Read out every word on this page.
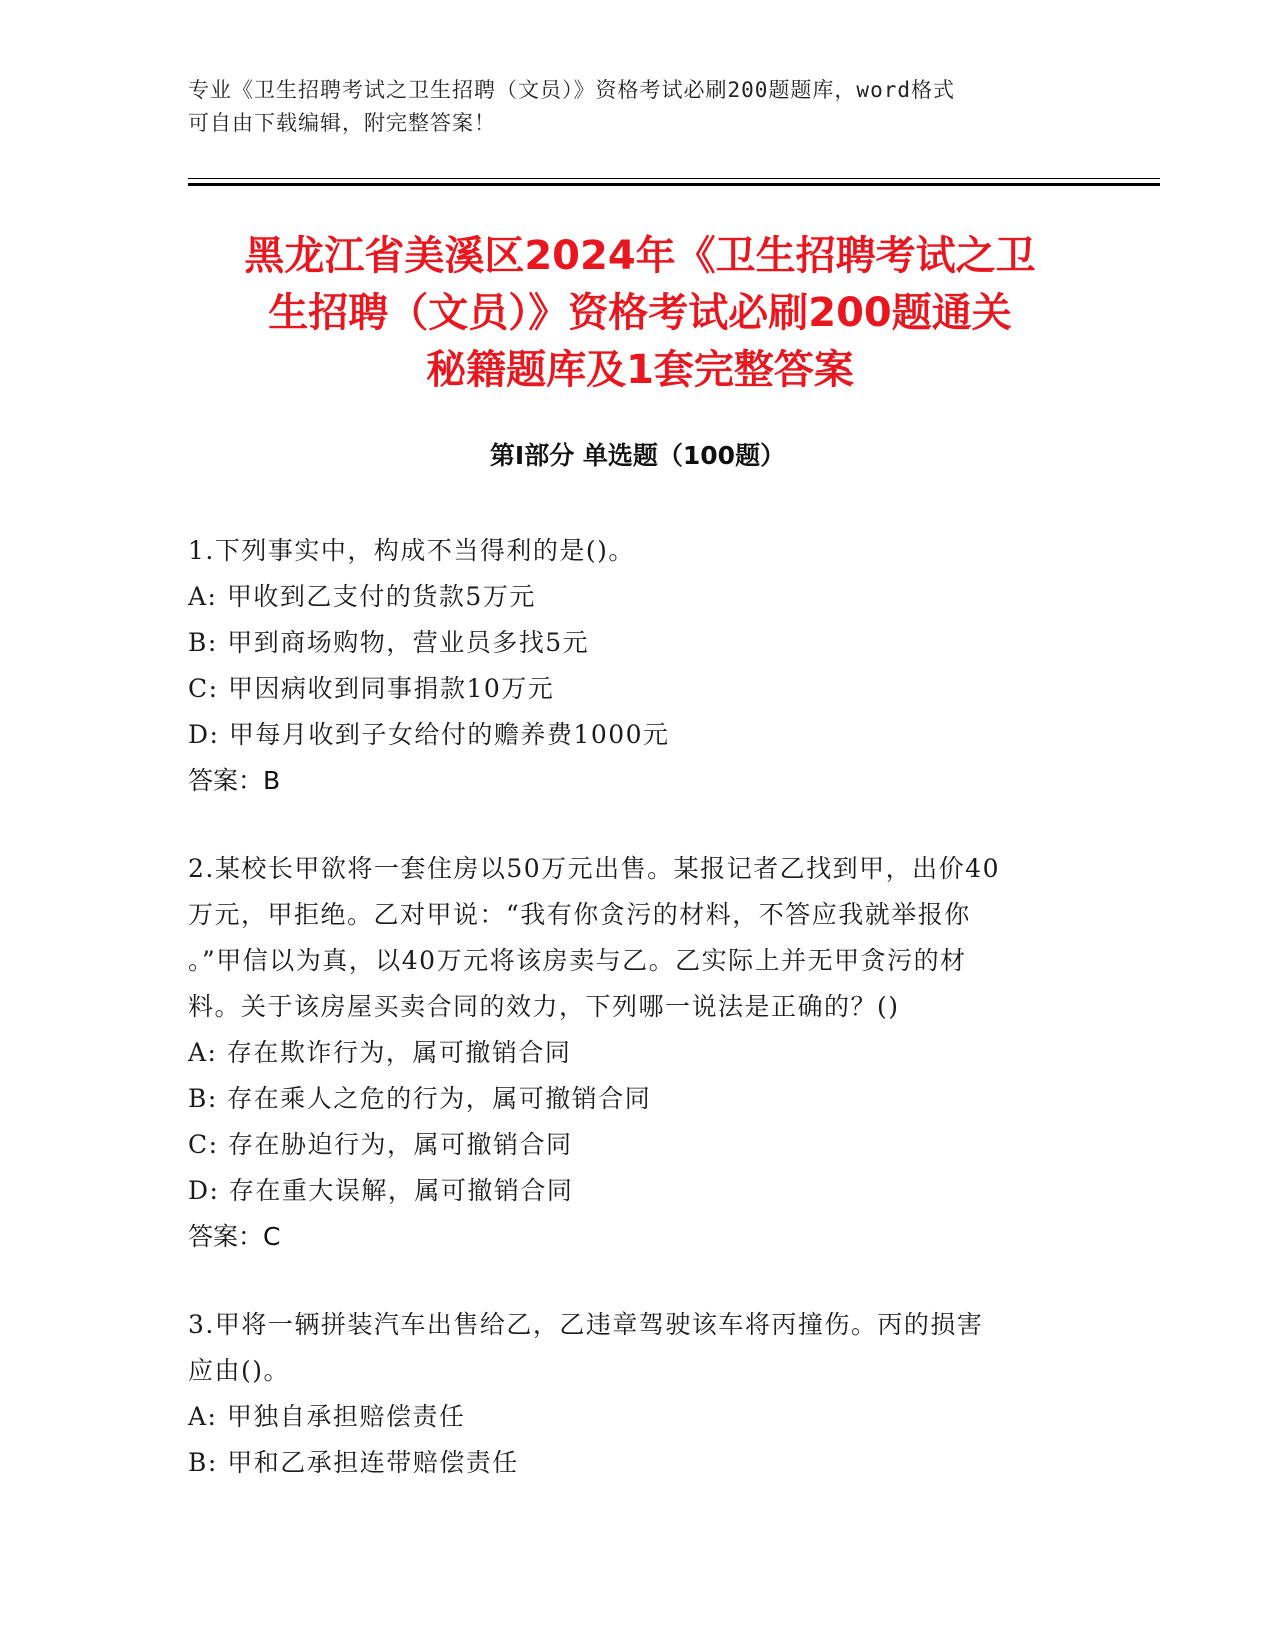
专业《卫生招聘考试之卫生招聘（文员）》资格考试必刷200题题库，word格式
可自由下载编辑，附完整答案！
黑龙江省美溪区2024年《卫生招聘考试之卫
生招聘（文员）》资格考试必刷200题通关
秘籍题库及1套完整答案
第Ⅰ部分 单选题（100题）
1.下列事实中，构成不当得利的是()。
A: 甲收到乙支付的货款5万元
B: 甲到商场购物，营业员多找5元
C: 甲因病收到同事捐款10万元
D: 甲每月收到子女给付的赡养费1000元
答案：B
2.某校长甲欲将一套住房以50万元出售。某报记者乙找到甲，出价40
万元，甲拒绝。乙对甲说：“我有你贪污的材料，不答应我就举报你
。”甲信以为真，以40万元将该房卖与乙。乙实际上并无甲贪污的材
料。关于该房屋买卖合同的效力，下列哪一说法是正确的？()
A: 存在欺诈行为，属可撤销合同
B: 存在乘人之危的行为，属可撤销合同
C: 存在胁迫行为，属可撤销合同
D: 存在重大误解，属可撤销合同
答案：C
3.甲将一辆拼装汽车出售给乙，乙违章驾驶该车将丙撞伤。丙的损害
应由()。
A: 甲独自承担赔偿责任
B: 甲和乙承担连带赔偿责任
